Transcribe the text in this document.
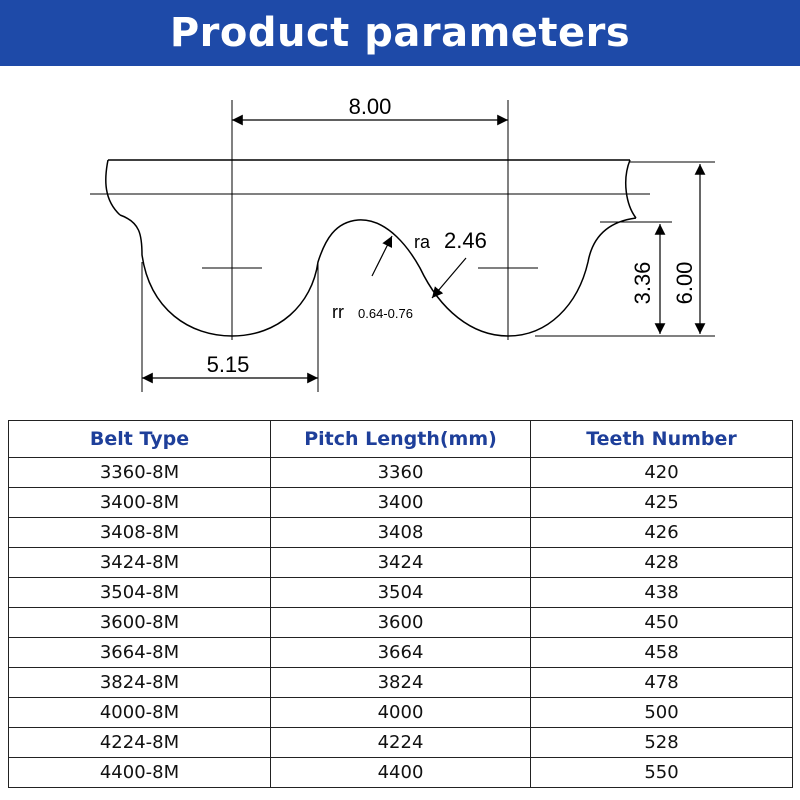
Product parameters
8.00
5.15
3.36 6.00
ra 2.46
rr 0.64-0.76
Belt Type	Pitch Length(mm)	Teeth Number
3360-8M	3360	420
3400-8M	3400	425
3408-8M	3408	426
3424-8M	3424	428
3504-8M	3504	438
3600-8M	3600	450
3664-8M	3664	458
3824-8M	3824	478
4000-8M	4000	500
4224-8M	4224	528
4400-8M	4400	550
